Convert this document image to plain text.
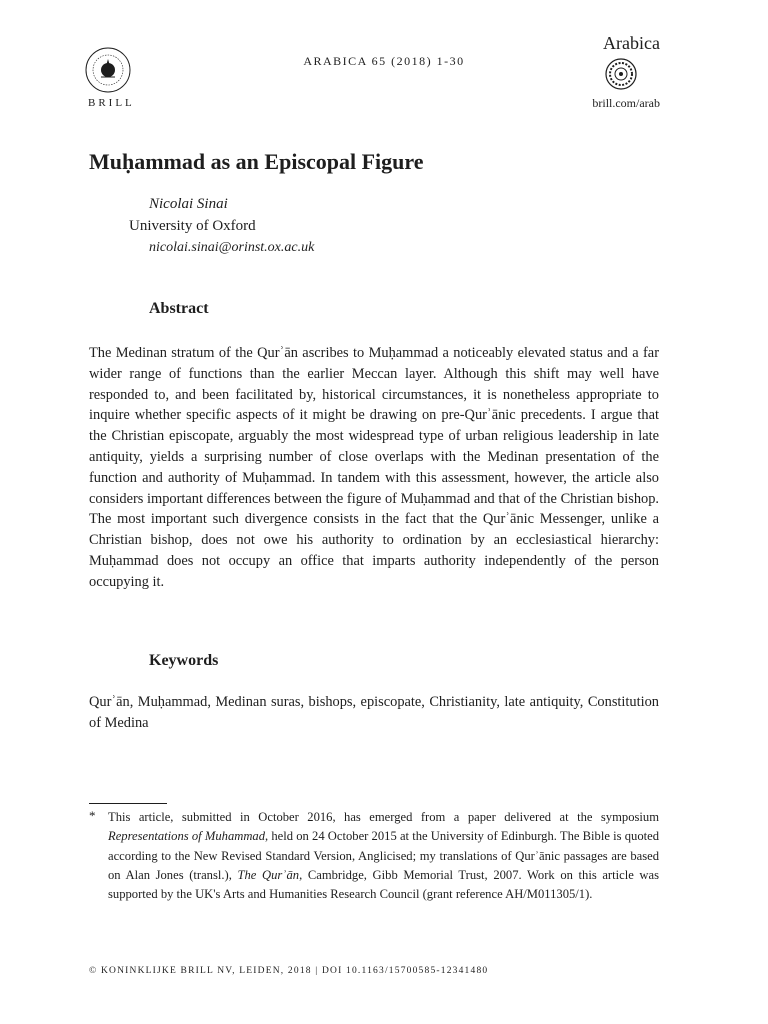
BRILL
ARABICA 65 (2018) 1-30
Arabica
brill.com/arab
Muḥammad as an Episcopal Figure
Nicolai Sinai
University of Oxford
nicolai.sinai@orinst.ox.ac.uk
Abstract

The Medinan stratum of the Qurʾān ascribes to Muḥammad a noticeably elevated status and a far wider range of functions than the earlier Meccan layer. Although this shift may well have responded to, and been facilitated by, historical circumstances, it is nonetheless appropriate to inquire whether specific aspects of it might be drawing on pre-Qurʾānic precedents. I argue that the Christian episcopate, arguably the most widespread type of urban religious leadership in late antiquity, yields a surprising number of close overlaps with the Medinan presentation of the function and authority of Muḥammad. In tandem with this assessment, however, the article also considers important differences between the figure of Muḥammad and that of the Christian bishop. The most important such divergence consists in the fact that the Qurʾānic Messenger, unlike a Christian bishop, does not owe his authority to ordination by an ecclesiastical hierarchy: Muḥammad does not occupy an office that imparts authority independently of the person occupying it.

Keywords

Qurʾān, Muḥammad, Medinan suras, bishops, episcopate, Christianity, late antiquity, Constitution of Medina

* This article, submitted in October 2016, has emerged from a paper delivered at the symposium Representations of Muhammad, held on 24 October 2015 at the University of Edinburgh. The Bible is quoted according to the New Revised Standard Version, Anglicised; my translations of Qurʾānic passages are based on Alan Jones (transl.), The Qurʾān, Cambridge, Gibb Memorial Trust, 2007. Work on this article was supported by the UK's Arts and Humanities Research Council (grant reference AH/M011305/1).

© KONINKLIJKE BRILL NV, LEIDEN, 2018 | DOI 10.1163/15700585-12341480
